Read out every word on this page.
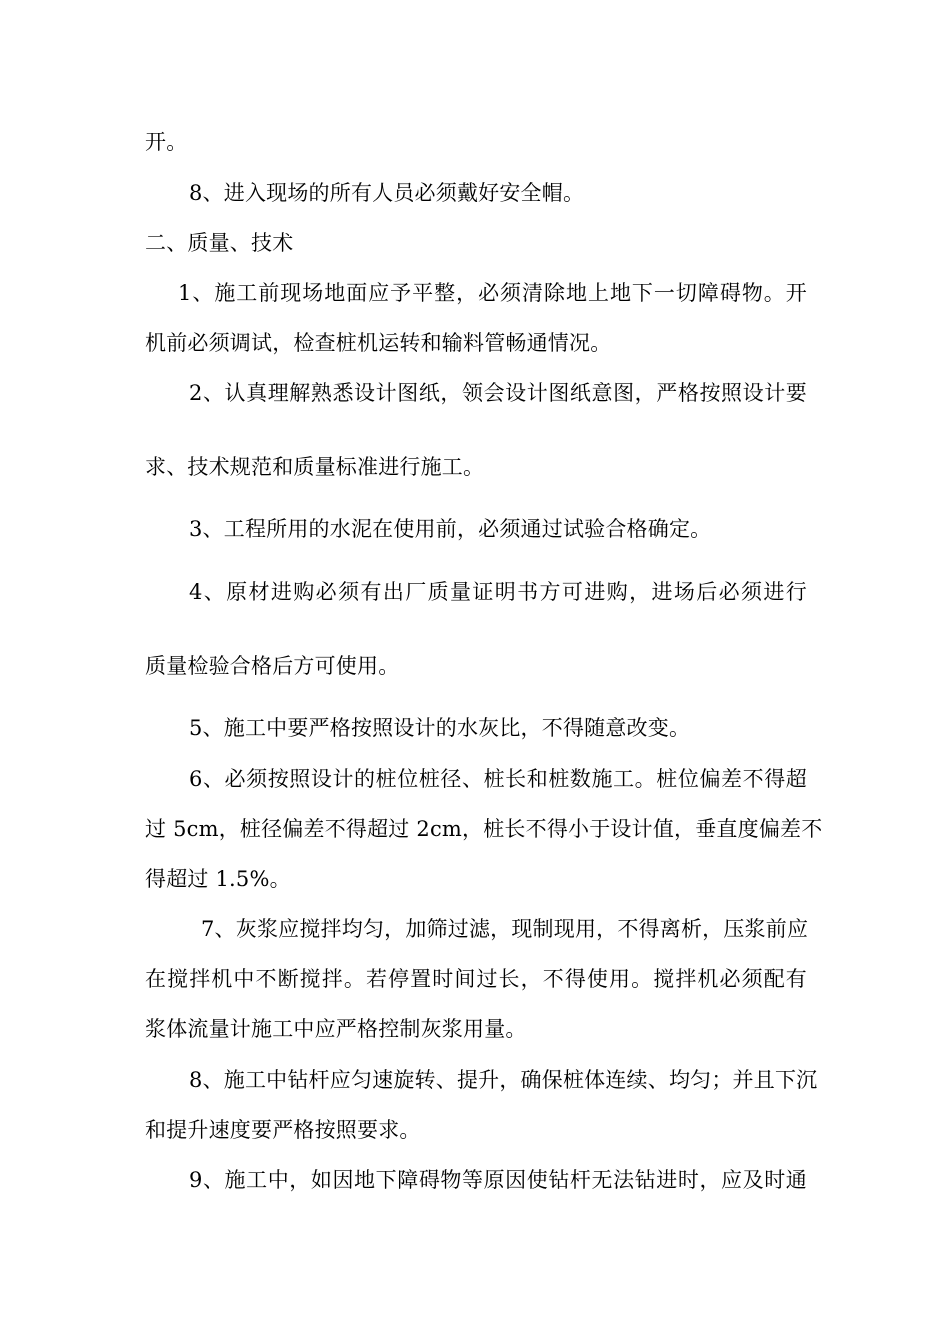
开。
8、进入现场的所有人员必须戴好安全帽。
二、质量、技术
1、施工前现场地面应予平整，必须清除地上地下一切障碍物。开
机前必须调试，检查桩机运转和输料管畅通情况。
2、认真理解熟悉设计图纸，领会设计图纸意图，严格按照设计要
求、技术规范和质量标准进行施工。
3、工程所用的水泥在使用前，必须通过试验合格确定。
4、原材进购必须有出厂质量证明书方可进购，进场后必须进行
质量检验合格后方可使用。
5、施工中要严格按照设计的水灰比，不得随意改变。
6、必须按照设计的桩位桩径、桩长和桩数施工。桩位偏差不得超
过 5cm，桩径偏差不得超过 2cm，桩长不得小于设计值，垂直度偏差不
得超过 1.5%。
7、灰浆应搅拌均匀，加筛过滤，现制现用，不得离析，压浆前应
在搅拌机中不断搅拌。若停置时间过长，不得使用。搅拌机必须配有
浆体流量计施工中应严格控制灰浆用量。
8、施工中钻杆应匀速旋转、提升，确保桩体连续、均匀；并且下沉
和提升速度要严格按照要求。
9、施工中，如因地下障碍物等原因使钻杆无法钻进时，应及时通
